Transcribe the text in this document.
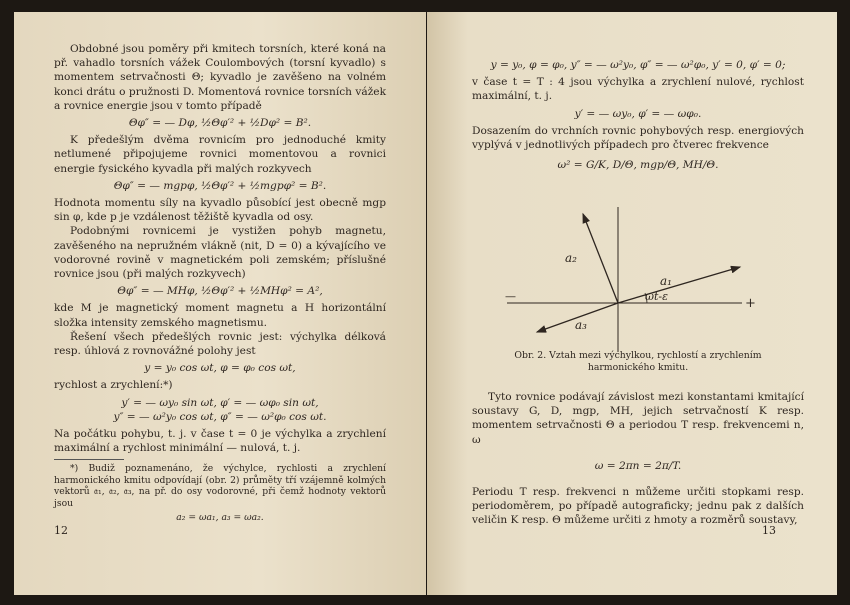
Obdobné jsou poměry při kmitech torsních, které koná na př. vahadlo torsních vážek Coulombových (torsní kyvadlo) s momentem setrvačnosti Θ; kyvadlo je zavěšeno na volném konci drátu o pružnosti D. Momentová rovnice torsních vážek a rovnice energie jsou v tomto případě

Θφ″ = — Dφ, ½Θφ′² + ½Dφ² = B².

K předešlým dvěma rovnicím pro jednoduché kmity netlumené připojujeme rovnici momentovou a rovnici energie fysického kyvadla při malých rozkyvech

Θφ″ = — mgpφ, ½Θφ′² + ½mgpφ² = B².

Hodnota momentu síly na kyvadlo působící jest obecně mgp sin φ, kde p je vzdálenost těžiště kyvadla od osy.

Podobnými rovnicemi je vystižen pohyb magnetu, zavěšeného na nepružném vlákně (nit, D = 0) a kývajícího ve vodorovné rovině v magnetickém poli zemském; příslušné rovnice jsou (při malých rozkyvech)

Θφ″ = — MHφ, ½Θφ′² + ½MHφ² = A²,

kde M je magnetický moment magnetu a H horizontální složka intensity zemského magnetismu.

Řešení všech předešlých rovnic jest: výchylka délková resp. úhlová z rovnovážné polohy jest

y = y₀ cos ωt, φ = φ₀ cos ωt,

rychlost a zrychlení:*)

y′ = — ωy₀ sin ωt, φ′ = — ωφ₀ sin ωt,

y″ = — ω²y₀ cos ωt, φ″ = — ω²φ₀ cos ωt.

Na počátku pohybu, t. j. v čase t = 0 je výchylka a zrychlení maximální a rychlost minimální — nulová, t. j.

*) Budiž poznamenáno, že výchylce, rychlosti a zrychlení harmonického kmitu odpovídají (obr. 2) průměty tří vzájemně kolmých vektorů 𝔞₁, 𝔞₂, 𝔞₃, na př. do osy vodorovné, při čemž hodnoty vektorů jsou

a₂ = ωa₁, a₃ = ωa₂.

12

y = y₀, φ = φ₀, y″ = — ω²y₀, φ″ = — ω²φ₀, y′ = 0, φ′ = 0;

v čase t = T : 4 jsou výchylka a zrychlení nulové, rychlost maximální, t. j.

y′ = — ωy₀, φ′ = — ωφ₀.

Dosazením do vrchních rovnic pohybových resp. energiových vyplývá v jednotlivých případech pro čtverec frekvence

ω² = G/K, D/Θ, mgp/Θ, MH/Θ.

a₂
a₁
a₃
ωt-ε	+
—

Obr. 2. Vztah mezi výchylkou, rychlostí a zrychlením harmonického kmitu.

Tyto rovnice podávají závislost mezi konstantami kmitající soustavy G, D, mgp, MH, jejich setrvačností K resp. momentem setrvačnosti Θ a periodou T resp. frekvencemi n, ω

ω = 2πn = 2π/T.

Periodu T resp. frekvenci n můžeme určiti stopkami resp. periodoměrem, po případě autograficky; jednu pak z dalších veličin K resp. Θ můžeme určiti z hmoty a rozměrů soustavy,

13
